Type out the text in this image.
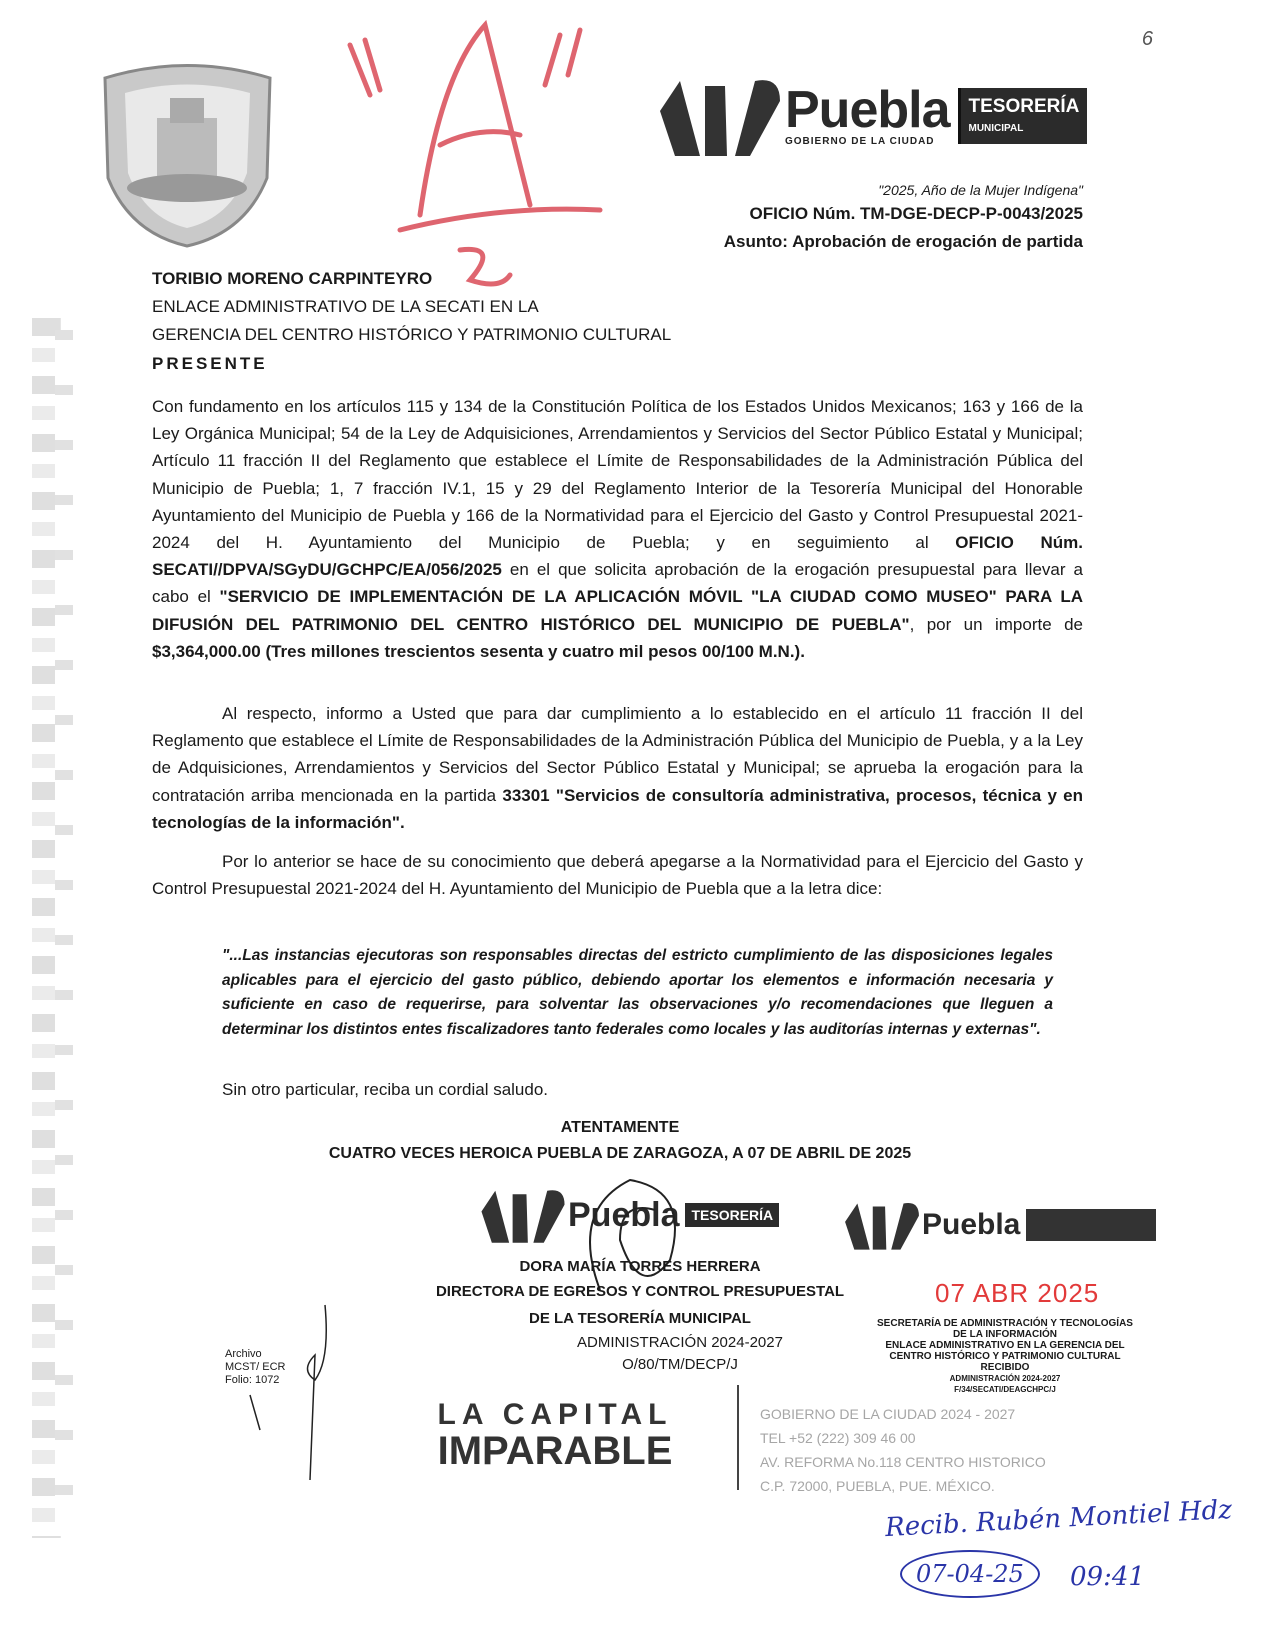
6
Puebla
GOBIERNO DE LA CIUDAD
TESORERÍA
MUNICIPAL
"2025, Año de la Mujer Indígena"
OFICIO Núm. TM-DGE-DECP-P-0043/2025
Asunto: Aprobación de erogación de partida
TORIBIO MORENO CARPINTEYRO
ENLACE ADMINISTRATIVO DE LA SECATI EN LA
GERENCIA DEL CENTRO HISTÓRICO Y PATRIMONIO CULTURAL
PRESENTE
Con fundamento en los artículos 115 y 134 de la Constitución Política de los Estados Unidos Mexicanos; 163 y 166 de la Ley Orgánica Municipal; 54 de la Ley de Adquisiciones, Arrendamientos y Servicios del Sector Público Estatal y Municipal; Artículo 11 fracción II del Reglamento que establece el Límite de Responsabilidades de la Administración Pública del Municipio de Puebla; 1, 7 fracción IV.1, 15 y 29 del Reglamento Interior de la Tesorería Municipal del Honorable Ayuntamiento del Municipio de Puebla y 166 de la Normatividad para el Ejercicio del Gasto y Control Presupuestal 2021-2024 del H. Ayuntamiento del Municipio de Puebla; y en seguimiento al OFICIO Núm. SECATI//DPVA/SGyDU/GCHPC/EA/056/2025 en el que solicita aprobación de la erogación presupuestal para llevar a cabo el "SERVICIO DE IMPLEMENTACIÓN DE LA APLICACIÓN MÓVIL "LA CIUDAD COMO MUSEO" PARA LA DIFUSIÓN DEL PATRIMONIO DEL CENTRO HISTÓRICO DEL MUNICIPIO DE PUEBLA", por un importe de $3,364,000.00 (Tres millones trescientos sesenta y cuatro mil pesos 00/100 M.N.).
Al respecto, informo a Usted que para dar cumplimiento a lo establecido en el artículo 11 fracción II del Reglamento que establece el Límite de Responsabilidades de la Administración Pública del Municipio de Puebla, y a la Ley de Adquisiciones, Arrendamientos y Servicios del Sector Público Estatal y Municipal; se aprueba la erogación para la contratación arriba mencionada en la partida 33301 "Servicios de consultoría administrativa, procesos, técnica y en tecnologías de la información".
Por lo anterior se hace de su conocimiento que deberá apegarse a la Normatividad para el Ejercicio del Gasto y Control Presupuestal 2021-2024 del H. Ayuntamiento del Municipio de Puebla que a la letra dice:
"...Las instancias ejecutoras son responsables directas del estricto cumplimiento de las disposiciones legales aplicables para el ejercicio del gasto público, debiendo aportar los elementos e información necesaria y suficiente en caso de requerirse, para solventar las observaciones y/o recomendaciones que lleguen a determinar los distintos entes fiscalizadores tanto federales como locales y las auditorías internas y externas".
Sin otro particular, reciba un cordial saludo.
ATENTAMENTE
CUATRO VECES HEROICA PUEBLA DE ZARAGOZA, A 07 DE ABRIL DE 2025
Puebla TESORERÍA	Puebla
DORA MARÍA TORRES HERRERA
DIRECTORA DE EGRESOS Y CONTROL PRESUPUESTAL
DE LA TESORERÍA MUNICIPAL
ADMINISTRACIÓN 2024-2027
O/80/TM/DECP/J
07 ABR 2025
SECRETARÍA DE ADMINISTRACIÓN Y TECNOLOGÍAS
DE LA INFORMACIÓN
ENLACE ADMINISTRATIVO EN LA GERENCIA DEL
CENTRO HISTÓRICO Y PATRIMONIO CULTURAL
RECIBIDO
ADMINISTRACIÓN 2024-2027
F/34/SECATI/DEAGCHPC/J
Archivo
MCST/ ECR
Folio: 1072
LA CAPITAL
IMPARABLE
GOBIERNO DE LA CIUDAD 2024 - 2027
TEL +52 (222) 309 46 00
AV. REFORMA No.118 CENTRO HISTORICO
C.P. 72000, PUEBLA, PUE. MÉXICO.
Recib. Rubén Montiel Hdz
07-04-25	09:41
